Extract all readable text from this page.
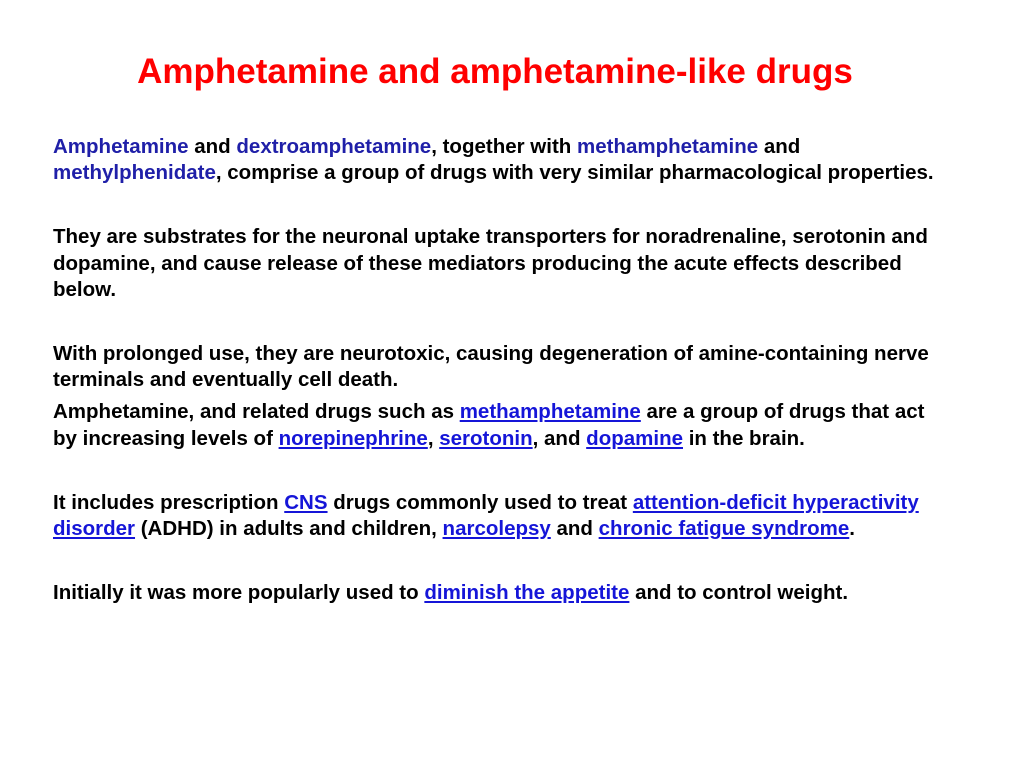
Amphetamine and amphetamine-like drugs

Amphetamine and dextroamphetamine, together with methamphetamine and methylphenidate, comprise a group of drugs with very similar pharmacological properties.

They are substrates for the neuronal uptake transporters for noradrenaline, serotonin and dopamine, and cause release of these mediators producing the acute effects described below.

With prolonged use, they are neurotoxic, causing degeneration of amine-containing nerve terminals and eventually cell death.

Amphetamine, and related drugs such as methamphetamine are a group of drugs that act by increasing levels of norepinephrine, serotonin, and dopamine in the brain.

It includes prescription CNS drugs commonly used to treat attention-deficit hyperactivity disorder (ADHD) in adults and children, narcolepsy and chronic fatigue syndrome.

Initially it was more popularly used to diminish the appetite and to control weight.
